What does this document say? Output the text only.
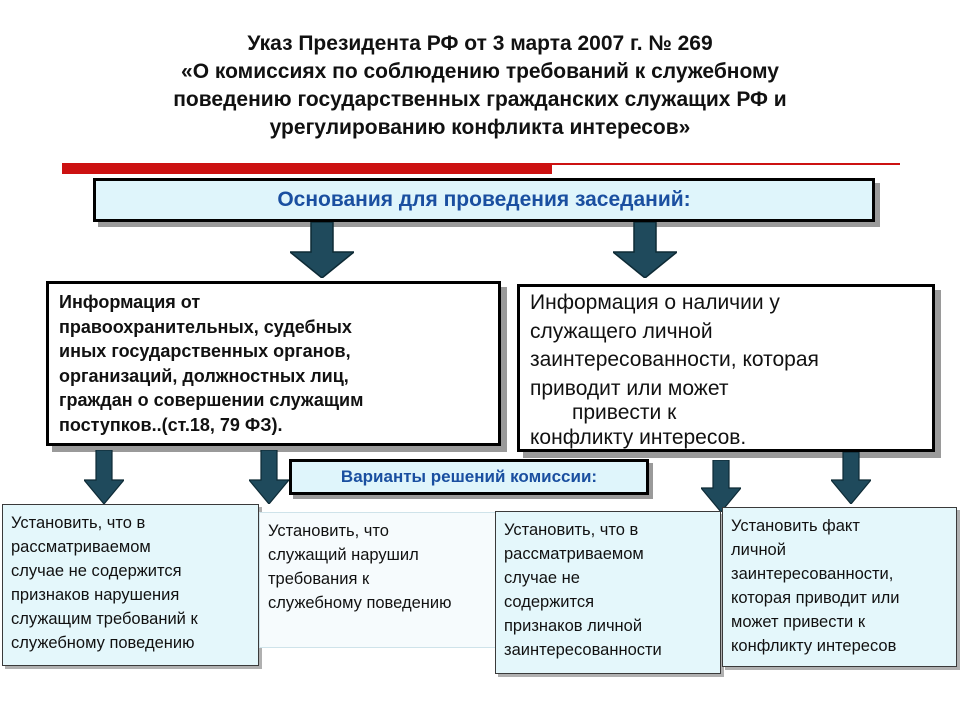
Указ Президента РФ от 3 марта 2007 г. № 269
«О комиссиях по соблюдению требований к служебному
поведению государственных гражданских служащих РФ и
урегулированию конфликта интересов»
Основания для проведения заседаний:
Информация от
правоохранительных, судебных
иных государственных органов,
организаций, должностных лиц,
граждан о совершении служащим
поступков..(ст.18, 79 ФЗ).
Информация о наличии у
служащего личной
заинтересованности, которая
приводит или может
привести к
конфликту интересов.
Варианты решений комиссии:
Установить, что в
рассматриваемом
случае не содержится
признаков нарушения
служащим требований к
служебному поведению
Установить, что
служащий нарушил
требования к
служебному поведению
Установить, что в
рассматриваемом
случае не
содержится
признаков личной
заинтересованности
Установить факт
личной
заинтересованности,
которая приводит или
может привести к
конфликту интересов
